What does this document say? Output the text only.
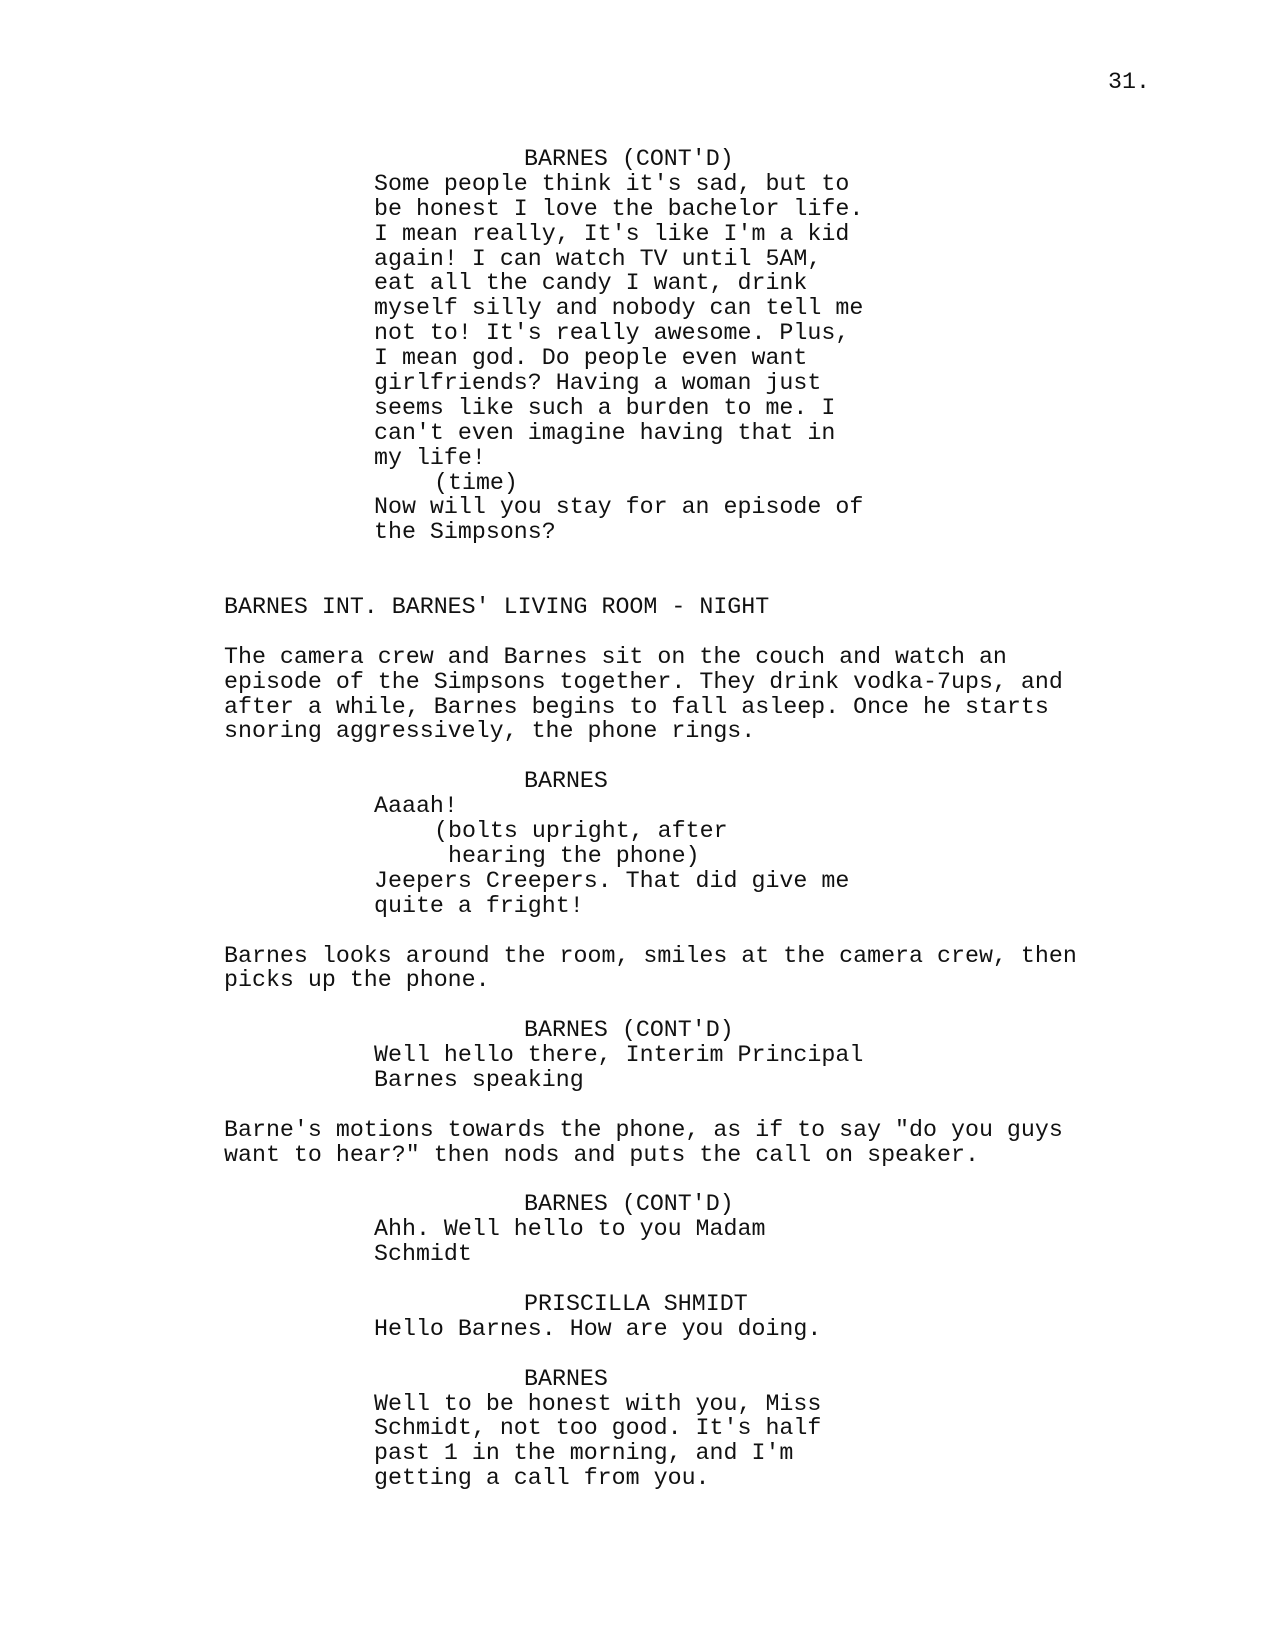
31.
BARNES (CONT'D)
Some people think it's sad, but to
be honest I love the bachelor life.
I mean really, It's like I'm a kid
again! I can watch TV until 5AM,
eat all the candy I want, drink
myself silly and nobody can tell me
not to! It's really awesome. Plus,
I mean god. Do people even want
girlfriends? Having a woman just
seems like such a burden to me. I
can't even imagine having that in
my life!
(time)
Now will you stay for an episode of
the Simpsons?
BARNES INT. BARNES' LIVING ROOM - NIGHT
The camera crew and Barnes sit on the couch and watch an
episode of the Simpsons together. They drink vodka-7ups, and
after a while, Barnes begins to fall asleep. Once he starts
snoring aggressively, the phone rings.
BARNES
Aaaah!
(bolts upright, after
hearing the phone)
Jeepers Creepers. That did give me
quite a fright!
Barnes looks around the room, smiles at the camera crew, then
picks up the phone.
BARNES (CONT'D)
Well hello there, Interim Principal
Barnes speaking
Barne's motions towards the phone, as if to say "do you guys
want to hear?" then nods and puts the call on speaker.
BARNES (CONT'D)
Ahh. Well hello to you Madam
Schmidt
PRISCILLA SHMIDT
Hello Barnes. How are you doing.
BARNES
Well to be honest with you, Miss
Schmidt, not too good. It's half
past 1 in the morning, and I'm
getting a call from you.
